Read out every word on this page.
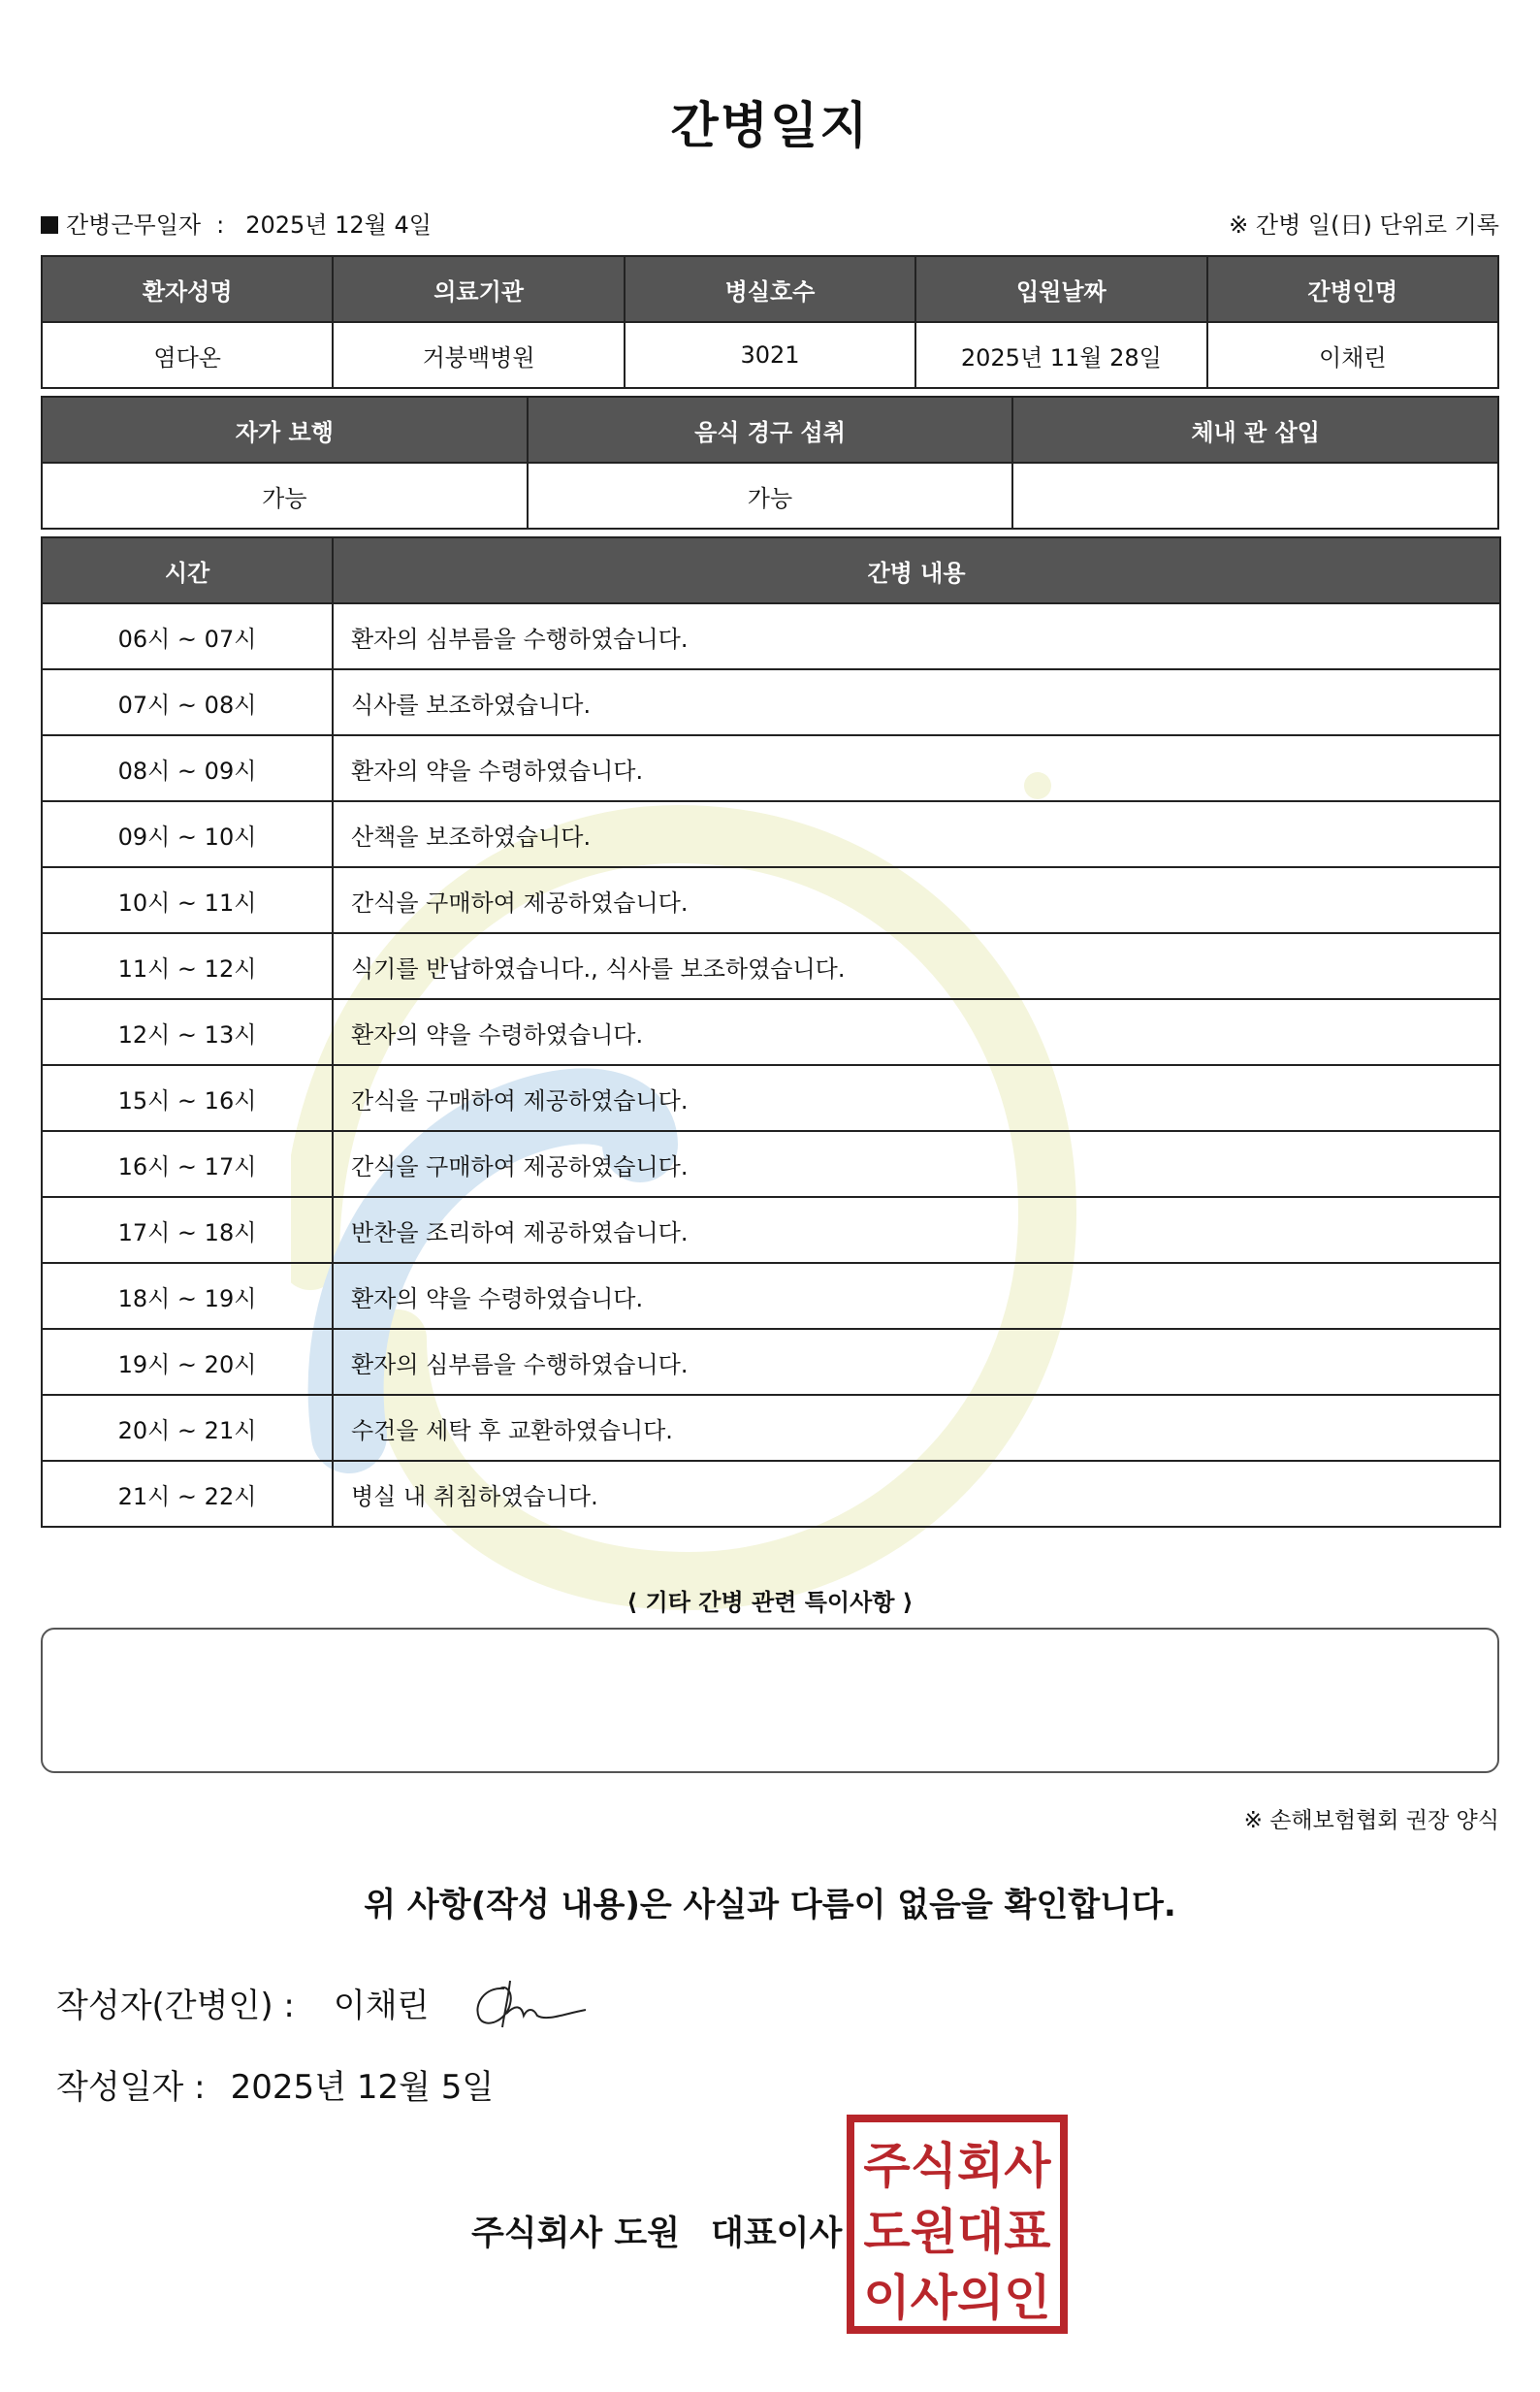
간병일지
간병근무일자 : 2025년 12월 4일	※ 간병 일(日) 단위로 기록
환자성명	의료기관	병실호수	입원날짜	간병인명
염다온	거붕백병원	3021	2025년 11월 28일	이채린
자가 보행	음식 경구 섭취	체내 관 삽입
가능	가능	
시간	간병 내용
06시 ~ 07시	환자의 심부름을 수행하였습니다.
07시 ~ 08시	식사를 보조하였습니다.
08시 ~ 09시	환자의 약을 수령하였습니다.
09시 ~ 10시	산책을 보조하였습니다.
10시 ~ 11시	간식을 구매하여 제공하였습니다.
11시 ~ 12시	식기를 반납하였습니다., 식사를 보조하였습니다.
12시 ~ 13시	환자의 약을 수령하였습니다.
15시 ~ 16시	간식을 구매하여 제공하였습니다.
16시 ~ 17시	간식을 구매하여 제공하였습니다.
17시 ~ 18시	반찬을 조리하여 제공하였습니다.
18시 ~ 19시	환자의 약을 수령하였습니다.
19시 ~ 20시	환자의 심부름을 수행하였습니다.
20시 ~ 21시	수건을 세탁 후 교환하였습니다.
21시 ~ 22시	병실 내 취침하였습니다.
⟨ 기타 간병 관련 특이사항 ⟩
※ 손해보험협회 권장 양식
위 사항(작성 내용)은 사실과 다름이 없음을 확인합니다.
작성자(간병인) : 이채린
작성일자 : 2025년 12월 5일
주식회사 도원 대표이사
주식회사
도원대표
이사의인
